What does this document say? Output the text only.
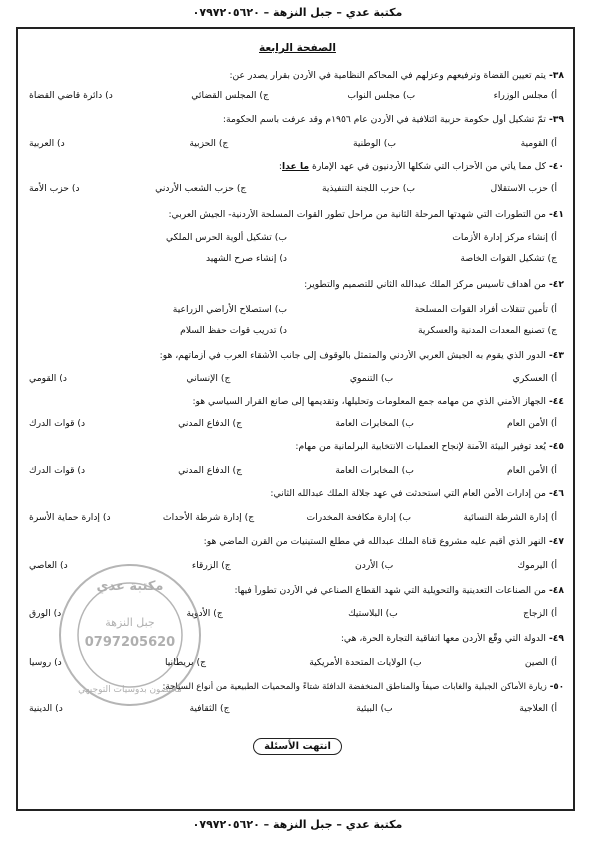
مكتبة عدي – جبل النزهة – ٠٧٩٧٢٠٥٦٢٠
الصفحة الرابعة
٣٨-يتم تعيين القضاة وترفيعهم وعزلهم في المحاكم النظامية في الأردن بقرار يصدر عن:
أ) مجلس الوزراء
ب) مجلس النواب
ج) المجلس القضائي
د) دائرة قاضي القضاة
٣٩-تمّ تشكيل أول حكومة حزبية ائتلافية في الأردن عام ١٩٥٦م وقد عرفت باسم الحكومة:
أ) القومية
ب) الوطنية
ج) الحزبية
د) العربية
٤٠-كل مما يأتي من الأحزاب التي شكلها الأردنيون في عهد الإمارة ما عدا:
أ) حزب الاستقلال
ب) حزب اللجنة التنفيذية
ج) حزب الشعب الأردني
د) حزب الأمة
٤١-من التطورات التي شهدتها المرحلة الثانية من مراحل تطور القوات المسلحة الأردنية- الجيش العربي:
أ) إنشاء مركز إدارة الأزمات
ب) تشكيل ألوية الحرس الملكي
ج) تشكيل القوات الخاصة
د) إنشاء صرح الشهيد
٤٢-من أهداف تأسيس مركز الملك عبدالله الثاني للتصميم والتطوير:
أ) تأمين تنقلات أفراد القوات المسلحة
ب) استصلاح الأراضي الزراعية
ج) تصنيع المعدات المدنية والعسكرية
د) تدريب قوات حفظ السلام
٤٣-الدور الذي يقوم به الجيش العربي الأردني والمتمثل بالوقوف إلى جانب الأشقاء العرب في أزماتهم، هو:
أ) العسكري
ب) التنموي
ج) الإنساني
د) القومي
٤٤-الجهاز الأمني الذي من مهامه جمع المعلومات وتحليلها، وتقديمها إلى صانع القرار السياسي هو:
أ) الأمن العام
ب) المخابرات العامة
ج) الدفاع المدني
د) قوات الدرك
٤٥-يُعد توفير البيئة الآمنة لإنجاح العمليات الانتخابية البرلمانية من مهام:
أ) الأمن العام
ب) المخابرات العامة
ج) الدفاع المدني
د) قوات الدرك
٤٦-من إدارات الأمن العام التي استحدثت في عهد جلالة الملك عبدالله الثاني:
أ) إدارة الشرطة النسائية
ب) إدارة مكافحة المخدرات
ج) إدارة شرطة الأحداث
د) إدارة حماية الأسرة
٤٧-النهر الذي أقيم عليه مشروع قناة الملك عبدالله في مطلع الستينيات من القرن الماضي هو:
أ) اليرموك
ب) الأردن
ج) الزرقاء
د) العاصي
٤٨-من الصناعات التعدينية والتحويلية التي شهد القطاع الصناعي في الأردن تطوراً فيها:
أ) الزجاج
ب) البلاستيك
ج) الأدوية
د) الورق
٤٩-الدولة التي وقّع الأردن معها اتفاقية التجارة الحرة، هي:
أ) الصين
ب) الولايات المتحدة الأمريكية
ج) بريطانيا
د) روسيا
٥٠-زيارة الأماكن الجبلية والغابات صيفاً والمناطق المنخفضة الدافئة شتاءً والمحميات الطبيعية من أنواع السياحة:
أ) العلاجية
ب) البيئية
ج) الثقافية
د) الدينية
انتهت الأسئلة
مكتبة عدي
جبل النزهة
0797205620
مختصون بدوسيات التوجيهي
مكتبة عدي – جبل النزهة – ٠٧٩٧٢٠٥٦٢٠
